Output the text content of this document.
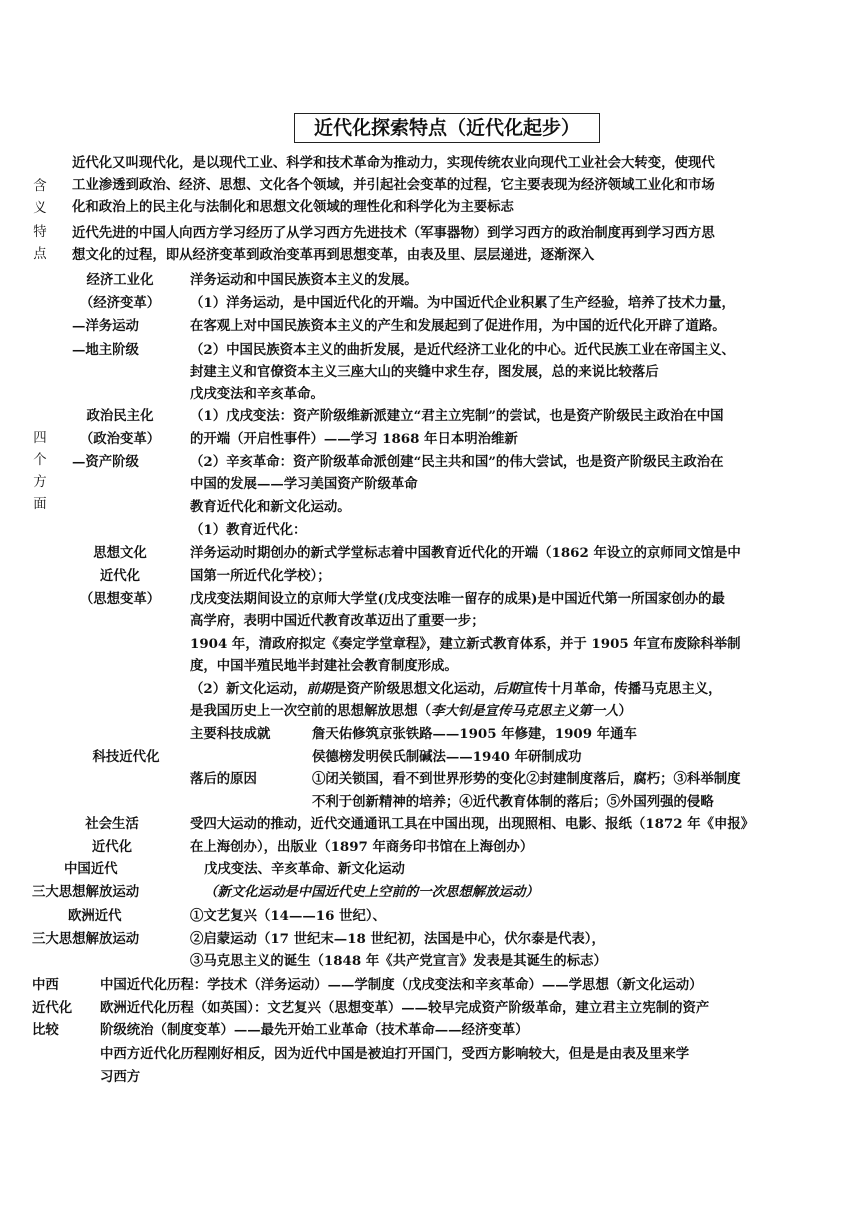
近代化探索特点（近代化起步）
含
义
近代化又叫现代化，是以现代工业、科学和技术革命为推动力，实现传统农业向现代工业社会大转变，使现代
工业渗透到政治、经济、思想、文化各个领域，并引起社会变革的过程，它主要表现为经济领域工业化和市场
化和政治上的民主化与法制化和思想文化领域的理性化和科学化为主要标志
特
点
近代先进的中国人向西方学习经历了从学习西方先进技术（军事器物）到学习西方的政治制度再到学习西方思
想文化的过程，即从经济变革到政治变革再到思想变革，由表及里、层层递进，逐渐深入
四
个
方
面
经济工业化
（经济变革）
—洋务运动
—地主阶级
洋务运动和中国民族资本主义的发展。
（1）洋务运动，是中国近代化的开端。为中国近代企业积累了生产经验，培养了技术力量，
在客观上对中国民族资本主义的产生和发展起到了促进作用，为中国的近代化开辟了道路。
（2）中国民族资本主义的曲折发展，是近代经济工业化的中心。近代民族工业在帝国主义、
封建主义和官僚资本主义三座大山的夹缝中求生存，图发展，总的来说比较落后
政治民主化
（政治变革）
—资产阶级
戊戌变法和辛亥革命。
（1）戊戌变法：资产阶级维新派建立“君主立宪制”的尝试，也是资产阶级民主政治在中国
的开端（开启性事件）——学习 1868 年日本明治维新
（2）辛亥革命：资产阶级革命派创建“民主共和国”的伟大尝试，也是资产阶级民主政治在
中国的发展——学习美国资产阶级革命
思想文化
近代化
（思想变革）
教育近代化和新文化运动。
（1）教育近代化：
洋务运动时期创办的新式学堂标志着中国教育近代化的开端（1862 年设立的京师同文馆是中
国第一所近代化学校）；
戊戌变法期间设立的京师大学堂(戊戌变法唯一留存的成果)是中国近代第一所国家创办的最
高学府，表明中国近代教育改革迈出了重要一步；
1904 年，清政府拟定《奏定学堂章程》，建立新式教育体系，并于 1905 年宣布废除科举制
度，中国半殖民地半封建社会教育制度形成。
（2）新文化运动，前期是资产阶级思想文化运动，后期宣传十月革命，传播马克思主义，
是我国历史上一次空前的思想解放思想（李大钊是宣传马克思主义第一人）
科技近代化
主要科技成就	詹天佑修筑京张铁路——1905 年修建，1909 年通车
侯德榜发明侯氏制碱法——1940 年研制成功
落后的原因	①闭关锁国，看不到世界形势的变化②封建制度落后，腐朽；③科举制度
不利于创新精神的培养；④近代教育体制的落后；⑤外国列强的侵略
社会生活
近代化
受四大运动的推动，近代交通通讯工具在中国出现，出现照相、电影、报纸（1872 年《申报》
在上海创办），出版业（1897 年商务印书馆在上海创办）
中国近代
三大思想解放运动
戊戌变法、辛亥革命、新文化运动
（新文化运动是中国近代史上空前的一次思想解放运动）
欧洲近代
三大思想解放运动
①文艺复兴（14——16 世纪）、
②启蒙运动（17 世纪末—18 世纪初，法国是中心，伏尔泰是代表），
③马克思主义的诞生（1848 年《共产党宣言》发表是其诞生的标志）
中西
近代化
比较
中国近代化历程：学技术（洋务运动）——学制度（戊戌变法和辛亥革命）——学思想（新文化运动）
欧洲近代化历程（如英国）：文艺复兴（思想变革）——较早完成资产阶级革命，建立君主立宪制的资产
阶级统治（制度变革）——最先开始工业革命（技术革命——经济变革）
中西方近代化历程刚好相反，因为近代中国是被迫打开国门，受西方影响较大，但是是由表及里来学
习西方
